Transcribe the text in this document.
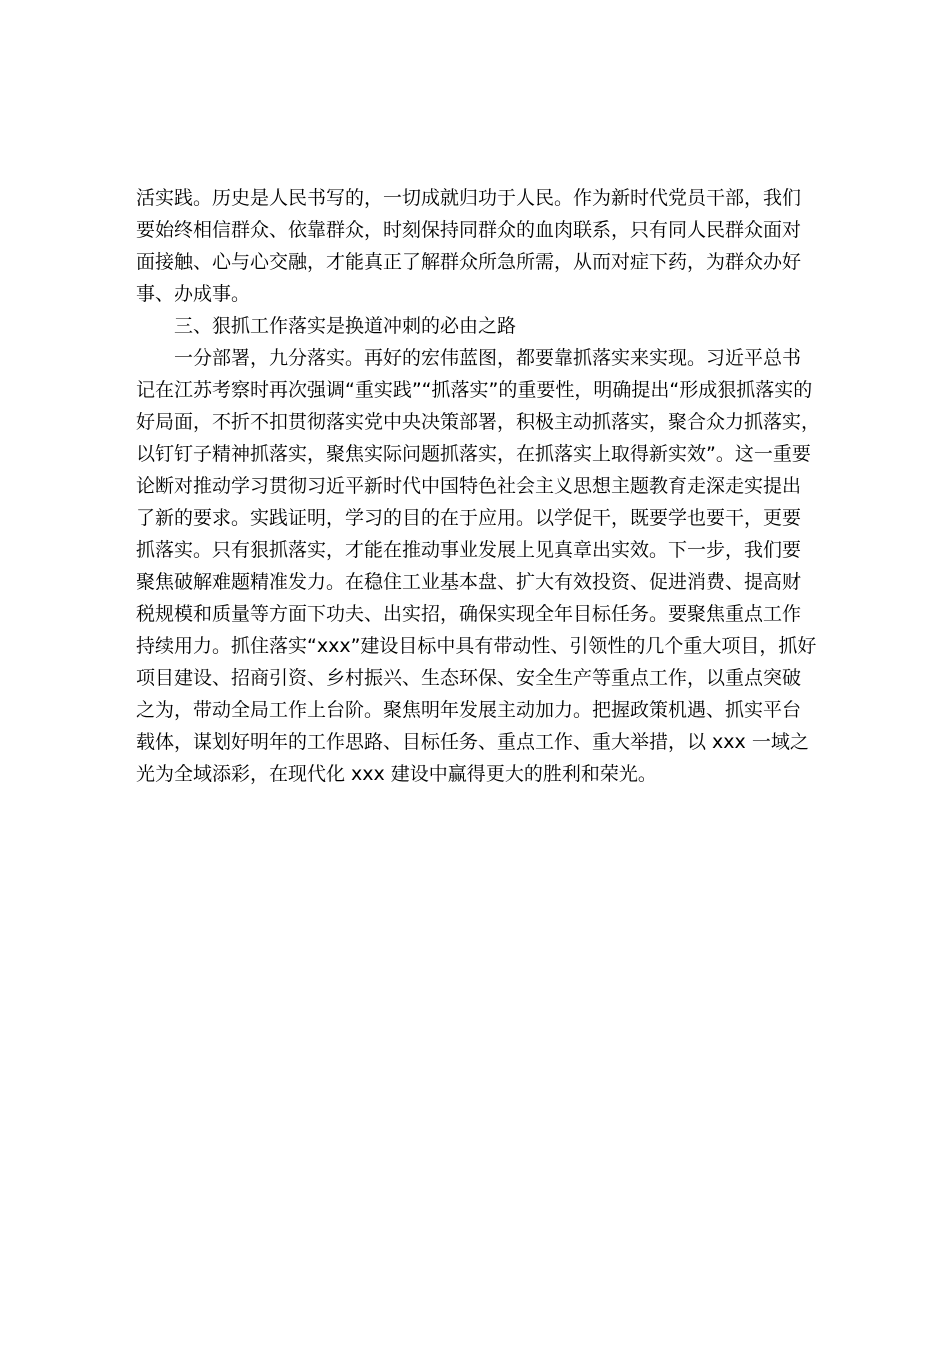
活实践。历史是人民书写的，一切成就归功于人民。作为新时代党员干部，我们
要始终相信群众、依靠群众，时刻保持同群众的血肉联系，只有同人民群众面对
面接触、心与心交融，才能真正了解群众所急所需，从而对症下药，为群众办好
事、办成事。
三、狠抓工作落实是换道冲刺的必由之路
一分部署，九分落实。再好的宏伟蓝图，都要靠抓落实来实现。习近平总书
记在江苏考察时再次强调“重实践”“抓落实”的重要性，明确提出“形成狠抓落实的
好局面，不折不扣贯彻落实党中央决策部署，积极主动抓落实，聚合众力抓落实，
以钉钉子精神抓落实，聚焦实际问题抓落实，在抓落实上取得新实效”。这一重要
论断对推动学习贯彻习近平新时代中国特色社会主义思想主题教育走深走实提出
了新的要求。实践证明，学习的目的在于应用。以学促干，既要学也要干，更要
抓落实。只有狠抓落实，才能在推动事业发展上见真章出实效。下一步，我们要
聚焦破解难题精准发力。在稳住工业基本盘、扩大有效投资、促进消费、提高财
税规模和质量等方面下功夫、出实招，确保实现全年目标任务。要聚焦重点工作
持续用力。抓住落实“xxx”建设目标中具有带动性、引领性的几个重大项目，抓好
项目建设、招商引资、乡村振兴、生态环保、安全生产等重点工作，以重点突破
之为，带动全局工作上台阶。聚焦明年发展主动加力。把握政策机遇、抓实平台
载体，谋划好明年的工作思路、目标任务、重点工作、重大举措，以 xxx 一域之
光为全域添彩，在现代化 xxx 建设中赢得更大的胜利和荣光。
